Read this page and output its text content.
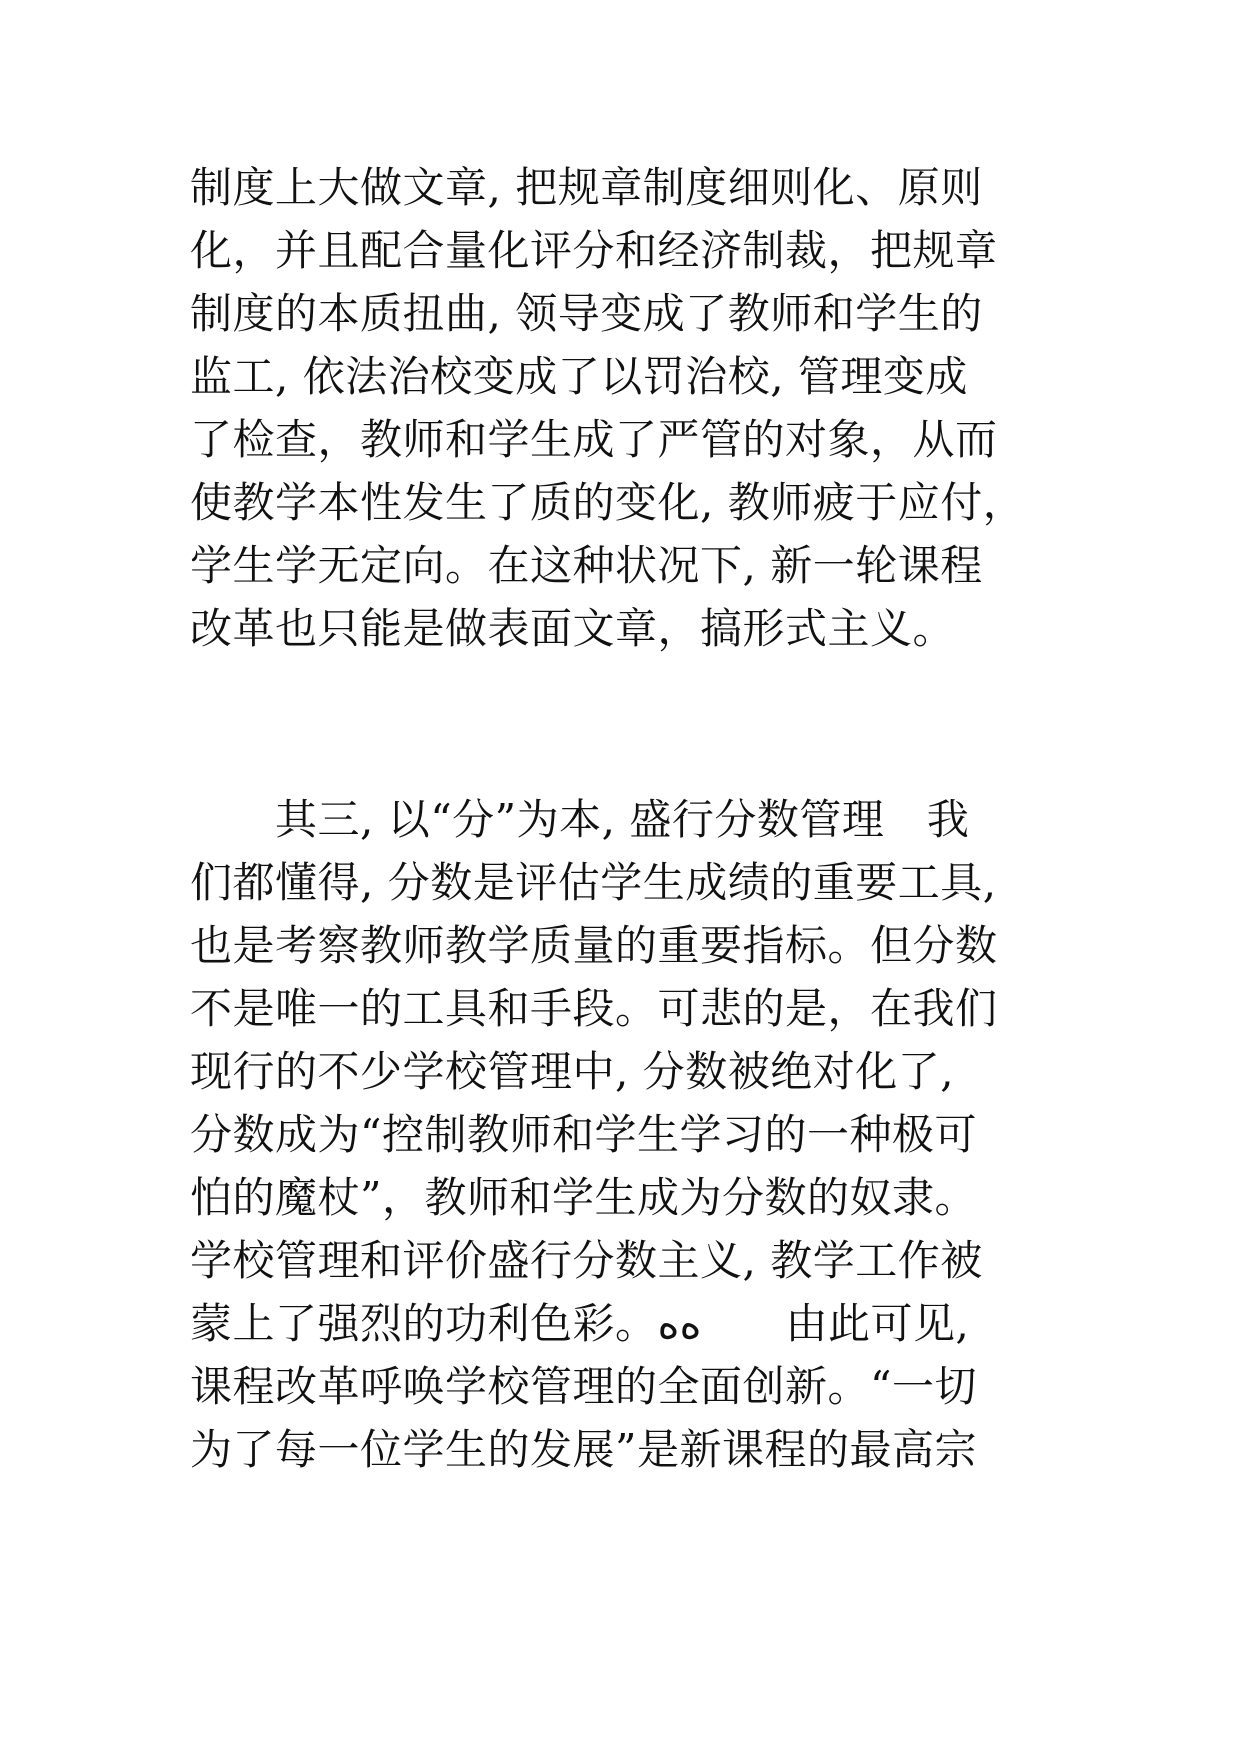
制度上大做文章, 把规章制度细则化、原则
化，并且配合量化评分和经济制裁，把规章
制度的本质扭曲, 领导变成了教师和学生的
监工, 依法治校变成了以罚治校, 管理变成
了检查，教师和学生成了严管的对象，从而
使教学本性发生了质的变化, 教师疲于应付，
学生学无定向。在这种状况下, 新一轮课程
改革也只能是做表面文章，搞形式主义。
　　其三, 以“分”为本, 盛行分数管理　我
们都懂得, 分数是评估学生成绩的重要工具,
也是考察教师教学质量的重要指标。但分数
不是唯一的工具和手段。可悲的是，在我们
现行的不少学校管理中, 分数被绝对化了,
分数成为“控制教师和学生学习的一种极可
怕的魔杖”，教师和学生成为分数的奴隶。
学校管理和评价盛行分数主义, 教学工作被
蒙上了强烈的功利色彩。ﻩﻩ　　由此可见,
课程改革呼唤学校管理的全面创新。“一切
为了每一位学生的发展”是新课程的最高宗
